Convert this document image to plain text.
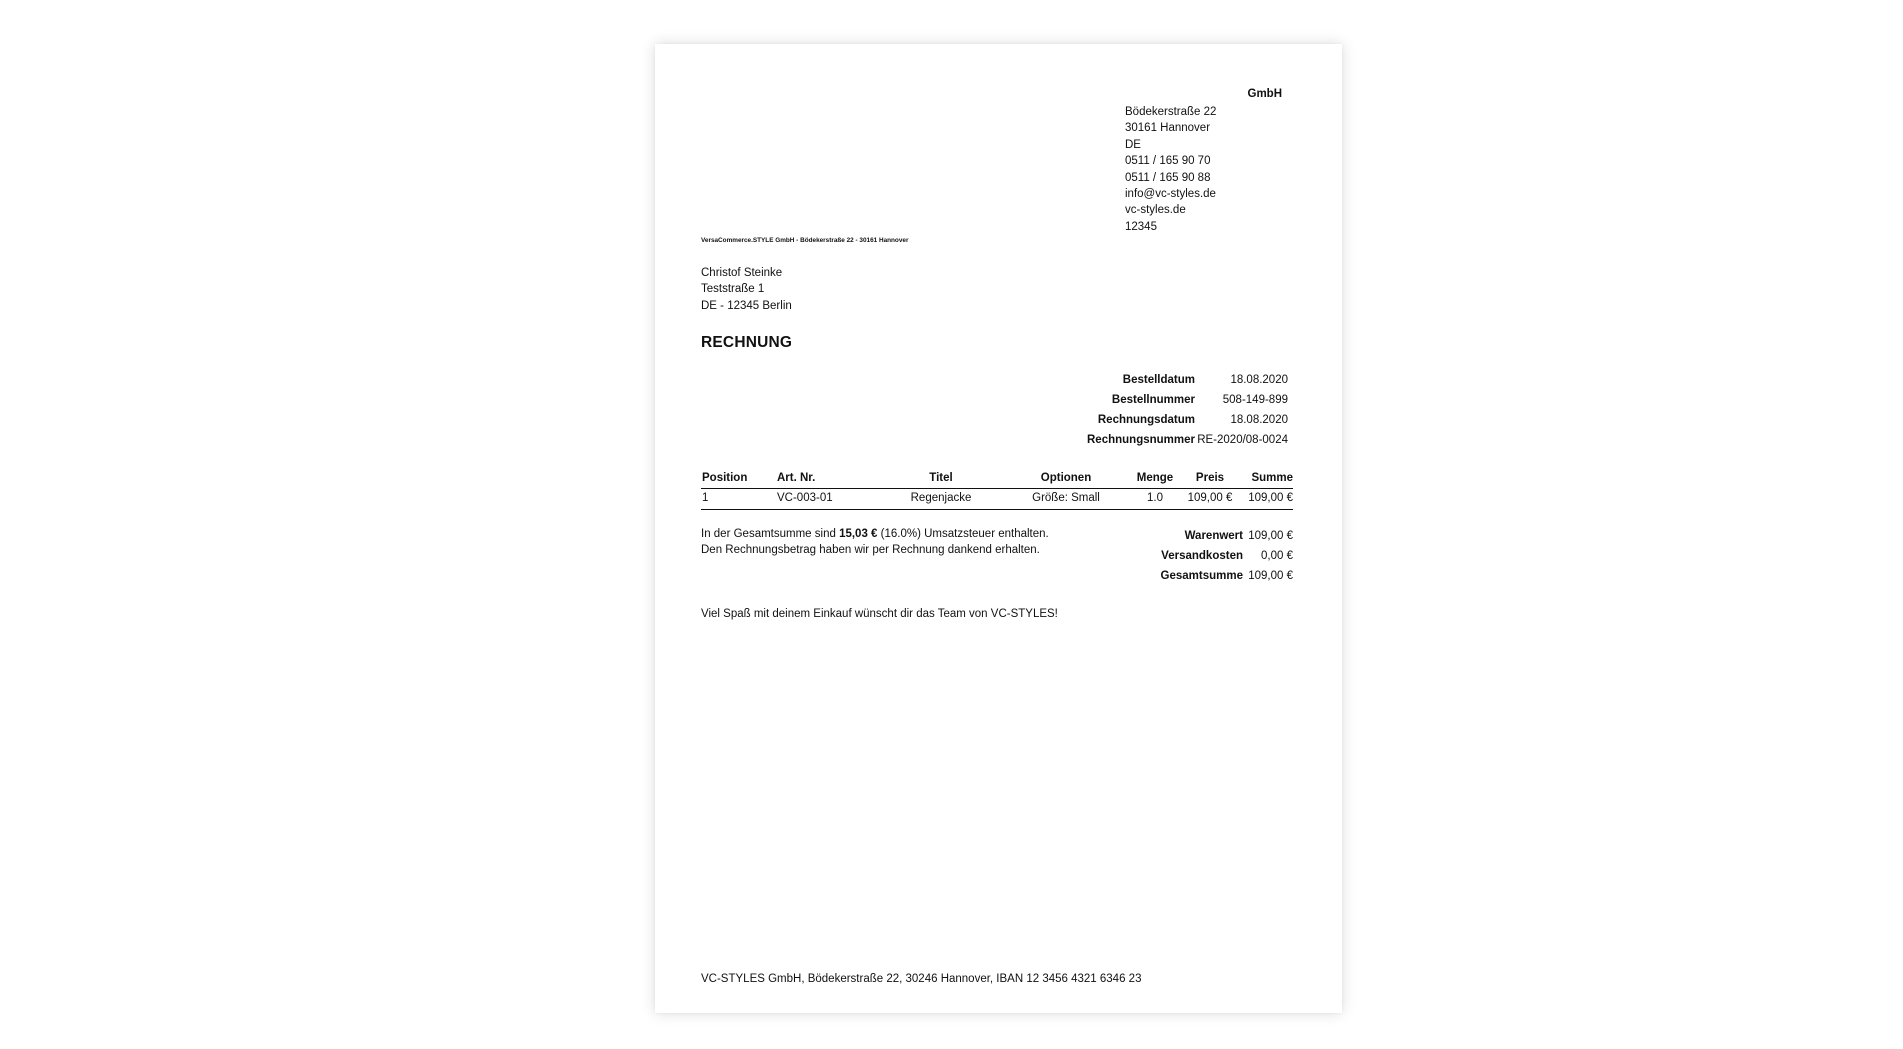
GmbH
Bödekerstraße 22
30161 Hannover
DE
0511 / 165 90 70
0511 / 165 90 88
info@vc-styles.de
vc-styles.de
12345
VersaCommerce.STYLE GmbH - Bödekerstraße 22 - 30161 Hannover
Christof Steinke
Teststraße 1
DE - 12345 Berlin
RECHNUNG
Bestelldatum	18.08.2020
Bestellnummer 508-149-899
Rechnungsdatum	18.08.2020
Rechnungsnummer RE-2020/08-0024
Position	Art. Nr.	Titel	Optionen	Menge	Preis	Summe
1	VC-003-01	Regenjacke	Größe: Small	1.0	109,00 €	109,00 €
In der Gesamtsumme sind 15,03 € (16.0%) Umsatzsteuer enthalten.
Den Rechnungsbetrag haben wir per Rechnung dankend erhalten.
Warenwert 109,00 €
Versandkosten 0,00 €
Gesamtsumme 109,00 €
Viel Spaß mit deinem Einkauf wünscht dir das Team von VC-STYLES!
VC-STYLES GmbH, Bödekerstraße 22, 30246 Hannover, IBAN 12 3456 4321 6346 23
